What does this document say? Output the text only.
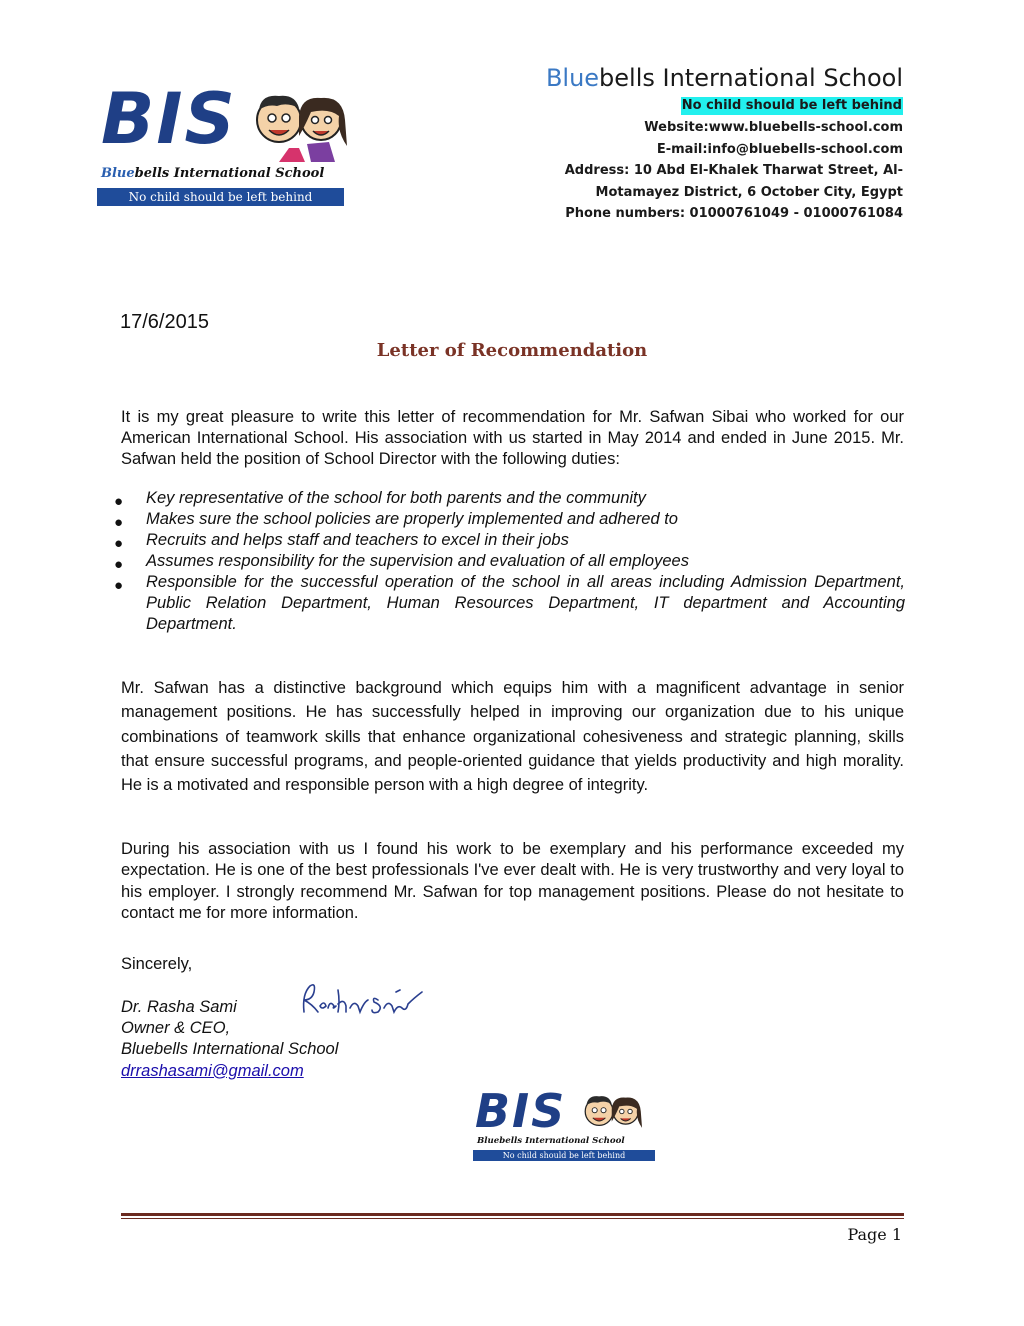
BIS
Bluebells International School
No child should be left behind
Bluebells International School
No child should be left behind
Website:www.bluebells-school.com
E-mail:info@bluebells-school.com
Address: 10 Abd El-Khalek Tharwat Street, Al-
Motamayez District, 6 October City, Egypt
Phone numbers: 01000761049 - 01000761084
17/6/2015
Letter of Recommendation
It is my great pleasure to write this letter of recommendation for Mr. Safwan Sibai who worked for our American International School. His association with us started in May 2014 and ended in June 2015. Mr. Safwan held the position of School Director with the following duties:
● Key representative of the school for both parents and the community
● Makes sure the school policies are properly implemented and adhered to
● Recruits and helps staff and teachers to excel in their jobs
● Assumes responsibility for the supervision and evaluation of all employees
● Responsible for the successful operation of the school in all areas including Admission Department, Public Relation Department, Human Resources Department, IT department and Accounting Department.
Mr. Safwan has a distinctive background which equips him with a magnificent advantage in senior management positions. He has successfully helped in improving our organization due to his unique combinations of teamwork skills that enhance organizational cohesiveness and strategic planning, skills that ensure successful programs, and people-oriented guidance that yields productivity and high morality. He is a motivated and responsible person with a high degree of integrity.
During his association with us I found his work to be exemplary and his performance exceeded my expectation. He is one of the best professionals I've ever dealt with. He is very trustworthy and very loyal to his employer. I strongly recommend Mr. Safwan for top management positions. Please do not hesitate to contact me for more information.
Sincerely,
Dr. Rasha Sami
Owner & CEO,
Bluebells International School
drrashasami@gmail.com
BIS
Bluebells International School
No child should be left behind
Page 1
